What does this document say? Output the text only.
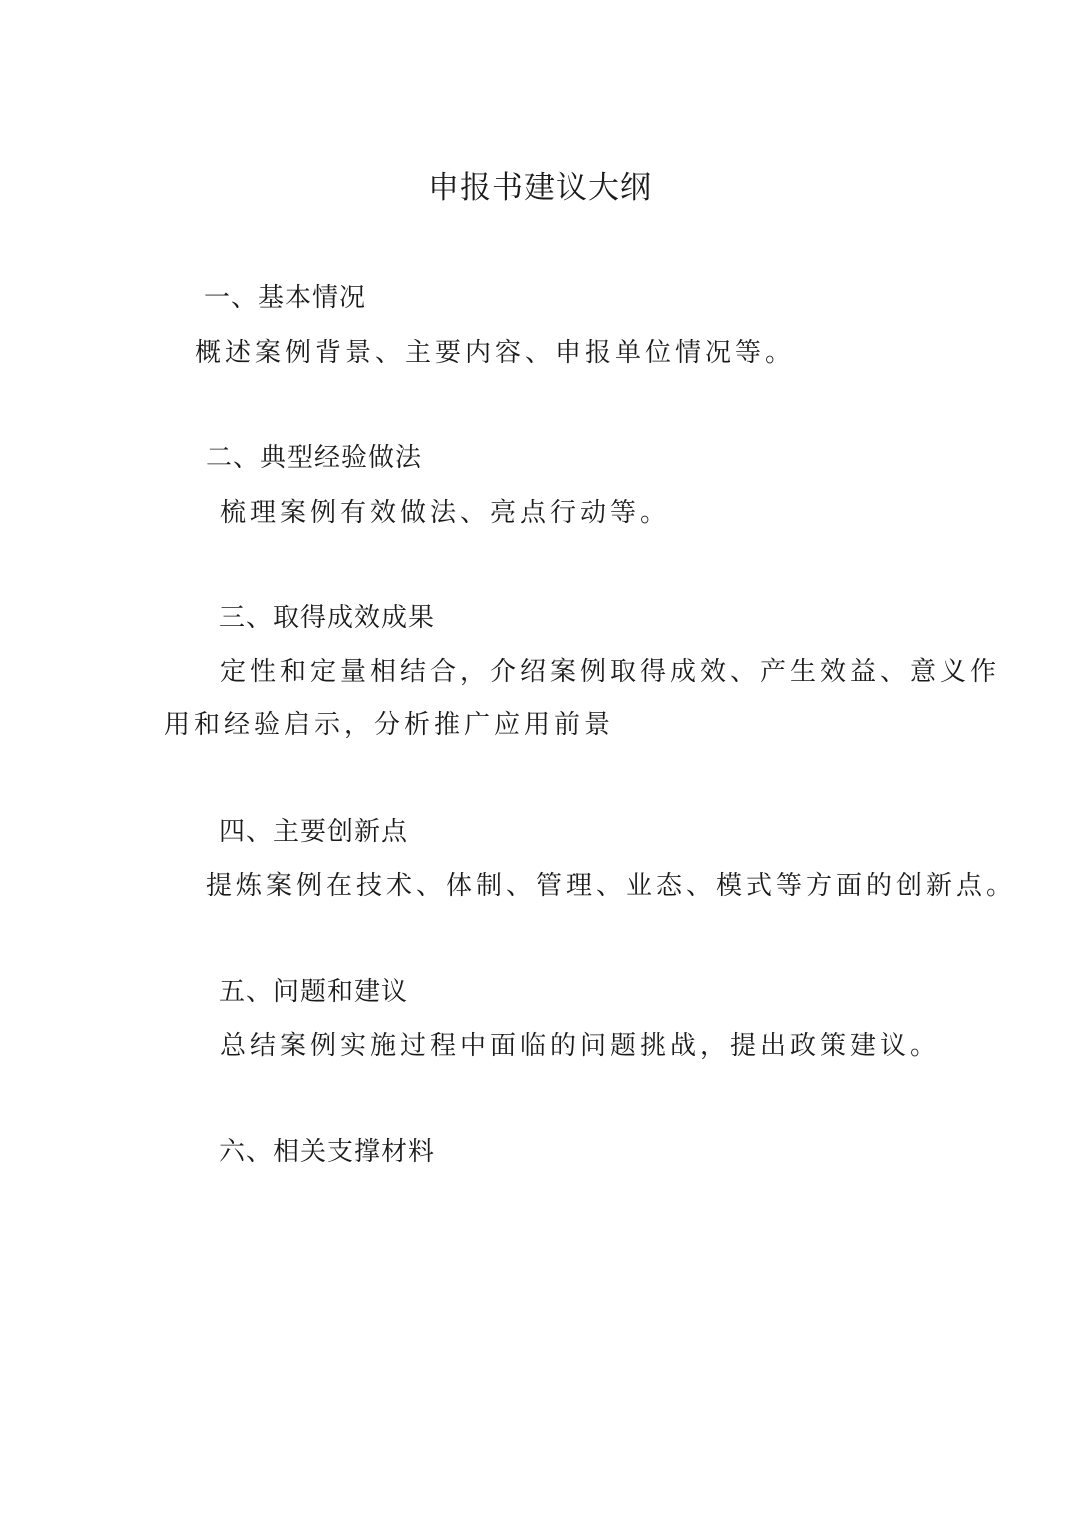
申报书建议大纲
一、基本情况
概述案例背景、主要内容、申报单位情况等。
二、典型经验做法
梳理案例有效做法、亮点行动等。
三、取得成效成果
定性和定量相结合，介绍案例取得成效、产生效益、意义作
用和经验启示，分析推广应用前景
四、主要创新点
提炼案例在技术、体制、管理、业态、模式等方面的创新点。
五、问题和建议
总结案例实施过程中面临的问题挑战，提出政策建议。
六、相关支撑材料
